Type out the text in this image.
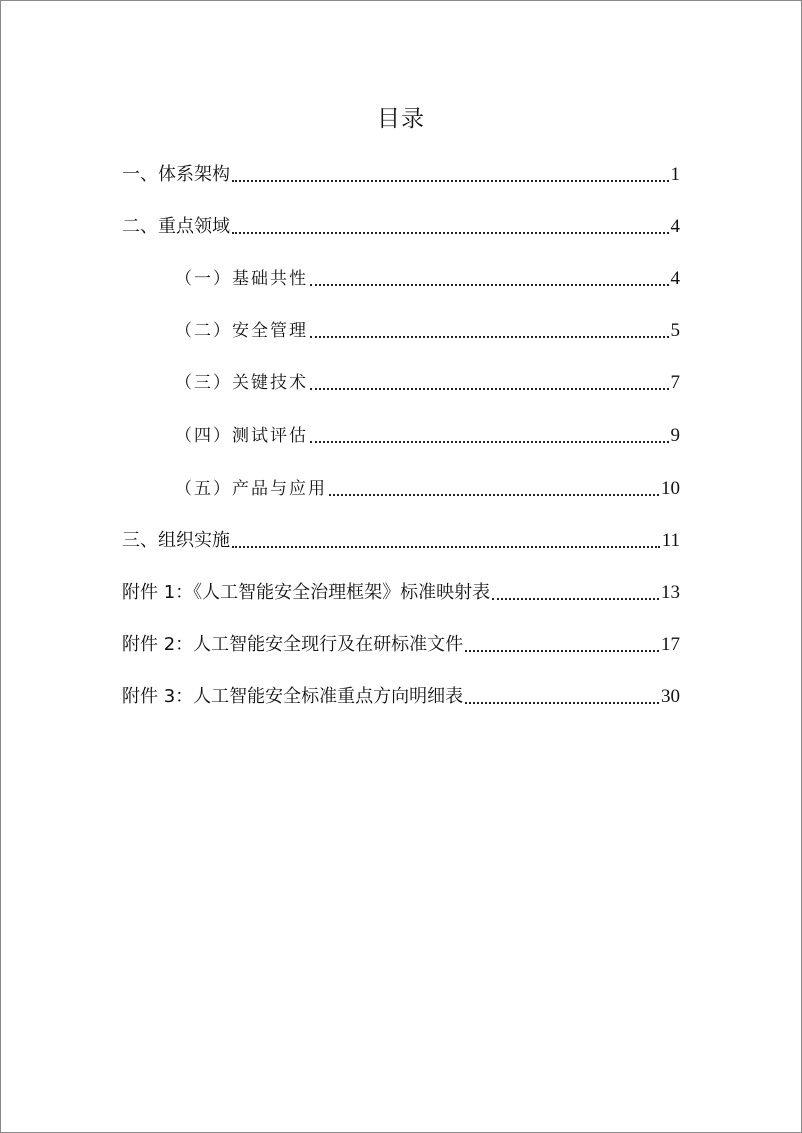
目录
一、体系架构	1
二、重点领域	4
（一）基础共性	4
（二）安全管理	5
（三）关键技术	7
（四）测试评估	9
（五）产品与应用	10
三、组织实施	11
附件 1：《人工智能安全治理框架》标准映射表	13
附件 2：人工智能安全现行及在研标准文件	17
附件 3：人工智能安全标准重点方向明细表	30
